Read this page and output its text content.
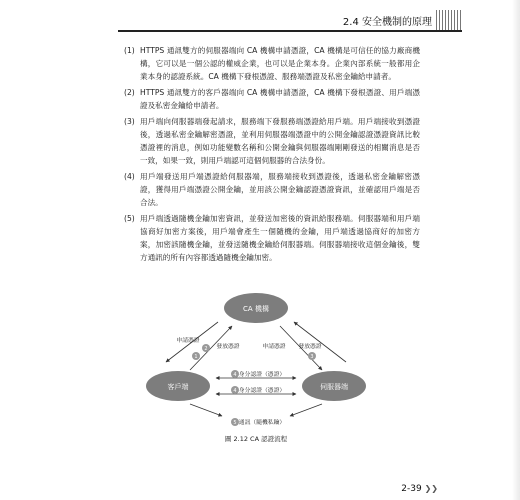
2.4 安全機制的原理
(1) HTTPS 通訊雙方的伺服器端向 CA 機構申請憑證，CA 機構是可信任的協力廠商機構，它可以是一個公認的權威企業，也可以是企業本身。企業內部系統一般都用企業本身的認證系統。CA 機構下發根憑證、服務端憑證及私密金鑰給申請者。
(2) HTTPS 通訊雙方的客戶器端向 CA 機構申請憑證，CA 機構下發根憑證、用戶端憑證及私密金鑰給申請者。
(3) 用戶端向伺服器端發起請求，服務端下發服務端憑證給用戶端。用戶端接收到憑證後，透過私密金鑰解密憑證，並利用伺服器端憑證中的公開金鑰認證憑證資訊比較憑證裡的消息，例如功能變數名稱和公開金鑰與伺服器端剛剛發送的相關消息是否一致，如果一致，則用戶端認可這個伺服器的合法身份。
(4) 用戶端發送用戶端憑證給伺服器端，服務端接收到憑證後，透過私密金鑰解密憑證，獲得用戶端憑證公開金鑰，並用該公開金鑰認證憑證資訊，並確認用戶端是否合法。
(5) 用戶端透過隨機金鑰加密資訊，並發送加密後的資訊給服務端。伺服器端和用戶端協商好加密方案後，用戶端會產生一個隨機的金鑰，用戶端透過協商好的加密方案，加密該隨機金鑰，並發送隨機金鑰給伺服器端。伺服器端接收這個金鑰後，雙方通訊的所有內容都透過隨機金鑰加密。
CA 機構
客戶端	伺服器端
申請憑證
發放憑證	申請憑證 發放憑證
身分認證（憑證）
身分認證（憑證）
通訊（隨機私鑰）
1
2
3
4
4
5
圖 2.12 CA 認證流程
2-39 ❯❯
